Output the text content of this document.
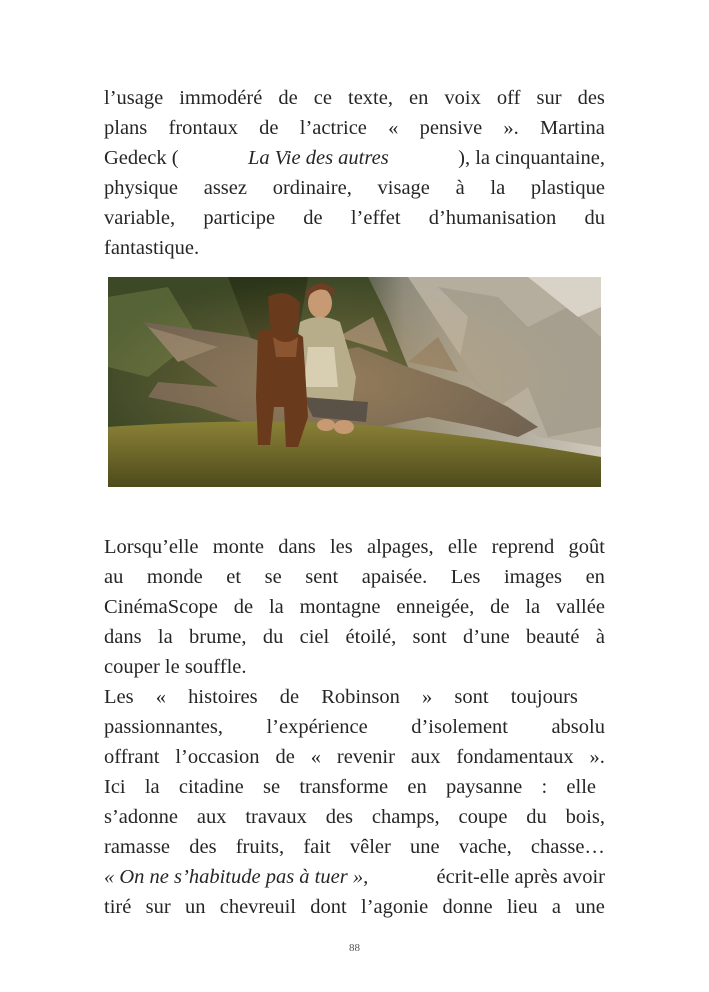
l’usage immodéré de ce texte, en voix off sur des
plans frontaux de l’actrice « pensive ». Martina
Gedeck (	La Vie des autres	), la cinquantaine,
physique assez ordinaire, visage à la plastique
variable, participe de l’effet d’humanisation du
fantastique.
Lorsqu’elle monte dans les alpages, elle reprend goût
au monde et se sent apaisée. Les images en
CinémaScope de la montagne enneigée, de la vallée
dans la brume, du ciel étoilé, sont d’une beauté à
couper le souffle.
Les « histoires de Robinson » sont toujours
passionnantes, l’expérience d’isolement absolu
offrant l’occasion de « revenir aux fondamentaux ».
Ici la citadine se transforme en paysanne : elle
s’adonne aux travaux des champs, coupe du bois,
ramasse des fruits, fait vêler une vache, chasse…
« On ne s’habitude pas à tuer »,	écrit-elle après avoir
tiré sur un chevreuil dont l’agonie donne lieu a une
88
